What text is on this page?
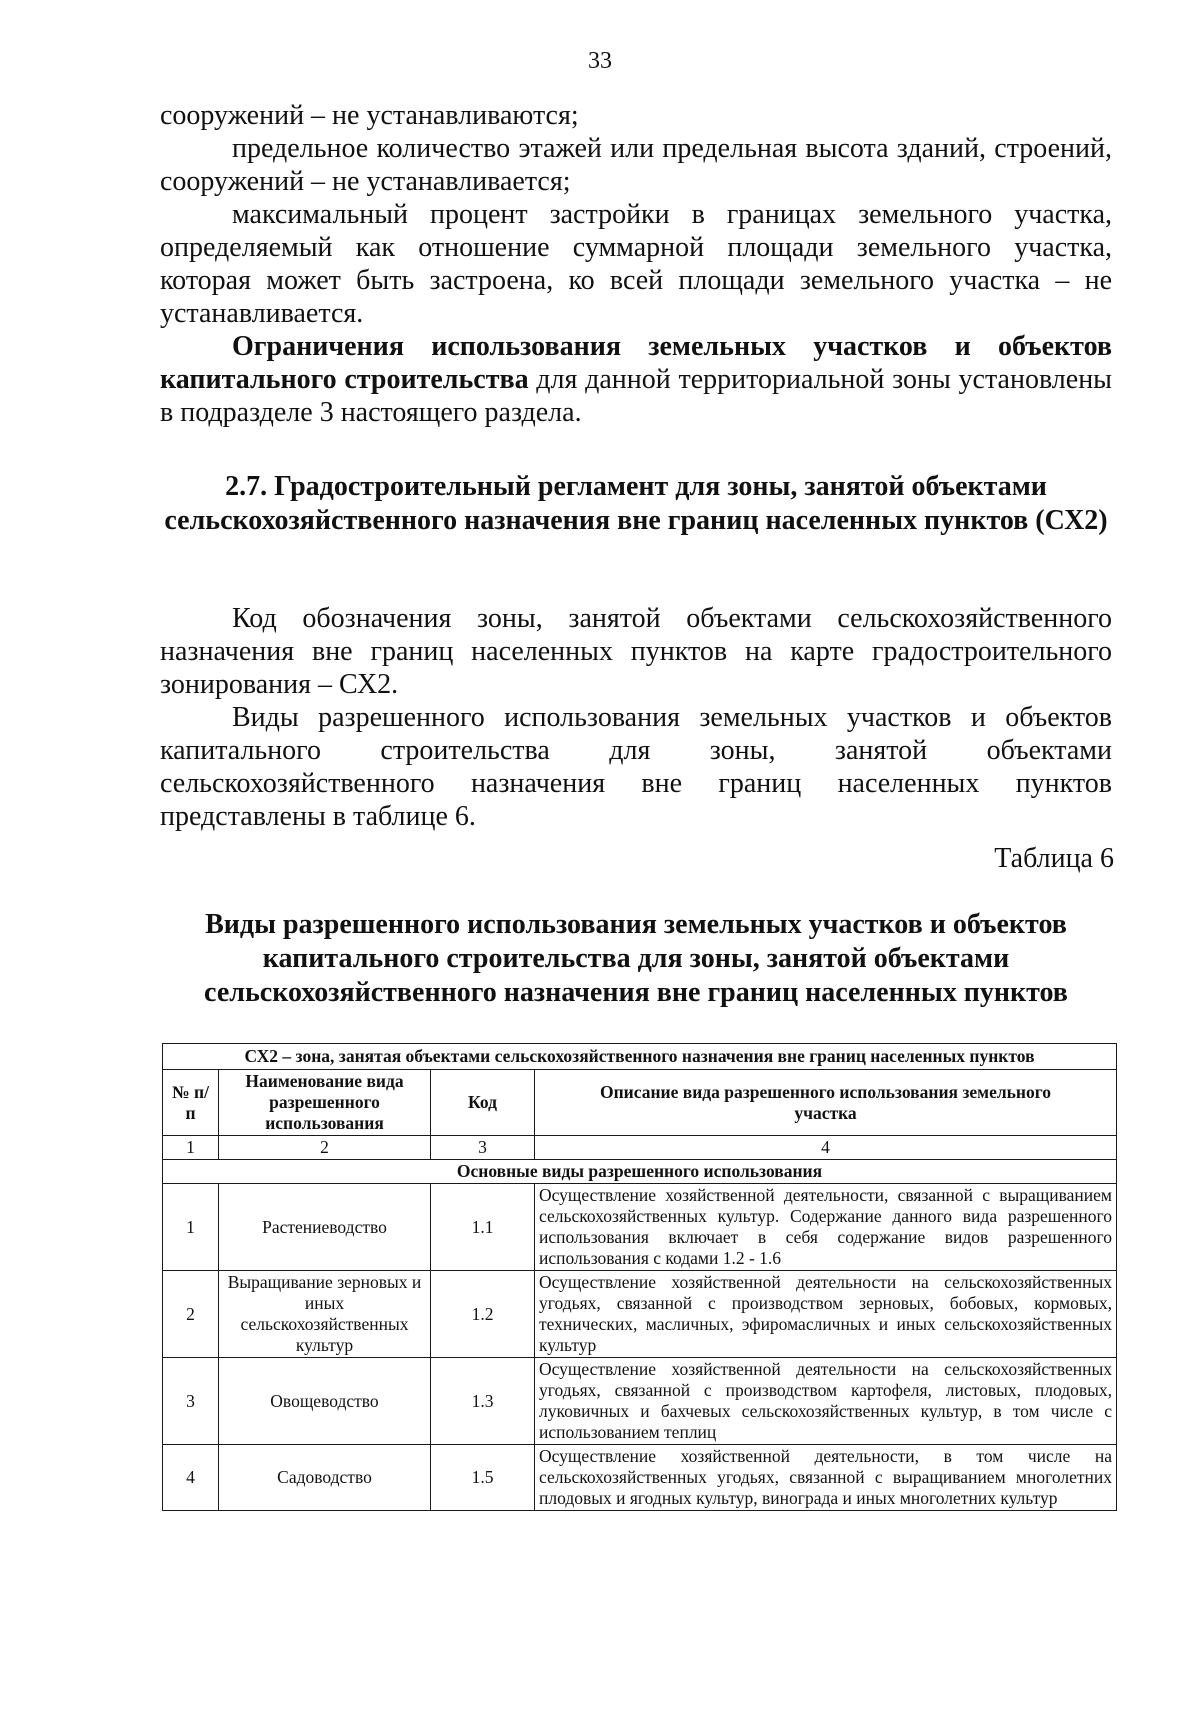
33

сооружений – не устанавливаются;

предельное количество этажей или предельная высота зданий, строений, сооружений – не устанавливается;

максимальный процент застройки в границах земельного участка, определяемый как отношение суммарной площади земельного участка, которая может быть застроена, ко всей площади земельного участка – не устанавливается.

Ограничения использования земельных участков и объектов капитального строительства для данной территориальной зоны установлены в подразделе 3 настоящего раздела.

2.7. Градостроительный регламент для зоны, занятой объектами сельскохозяйственного назначения вне границ населенных пунктов (СХ2)

Код обозначения зоны, занятой объектами сельскохозяйственного назначения вне границ населенных пунктов на карте градостроительного зонирования – СХ2.

Виды разрешенного использования земельных участков и объектов капитального строительства для зоны, занятой объектами сельскохозяйственного назначения вне границ населенных пунктов представлены в таблице 6.

Таблица 6
Виды разрешенного использования земельных участков и объектов капитального строительства для зоны, занятой объектами сельскохозяйственного назначения вне границ населенных пунктов
СХ2 – зона, занятая объектами сельскохозяйственного назначения вне границ населенных пунктов			
№ п/п	Наименование вида разрешенного использования	Код	Описание вида разрешенного использования земельного участка
1	2	3	4
Основные виды разрешенного использования			
1	Растениеводство	1.1	Осуществление хозяйственной деятельности, связанной с выращиванием сельскохозяйственных культур. Содержание данного вида разрешенного использования включает в себя содержание видов разрешенного использования с кодами 1.2 - 1.6
2	Выращивание зерновых и иных сельскохозяйственных культур	1.2	Осуществление хозяйственной деятельности на сельскохозяйственных угодьях, связанной с производством зерновых, бобовых, кормовых, технических, масличных, эфиромасличных и иных сельскохозяйственных культур
3	Овощеводство	1.3	Осуществление хозяйственной деятельности на сельскохозяйственных угодьях, связанной с производством картофеля, листовых, плодовых, луковичных и бахчевых сельскохозяйственных культур, в том числе с использованием теплиц
4	Садоводство	1.5	Осуществление хозяйственной деятельности, в том числе на сельскохозяйственных угодьях, связанной с выращиванием многолетних плодовых и ягодных культур, винограда и иных многолетних культур
